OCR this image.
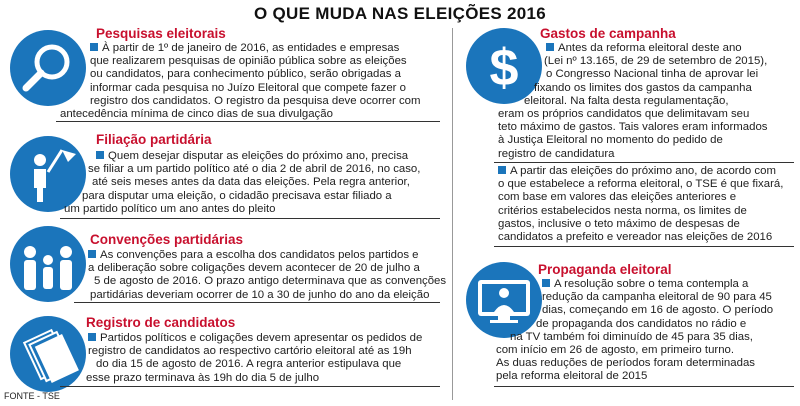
O QUE MUDA NAS ELEIÇÕES 2016
Pesquisas eleitorais
À partir de 1º de janeiro de 2016, as entidades e empresas
que realizarem pesquisas de opinião pública sobre as eleições
ou candidatos, para conhecimento público, serão obrigadas a
informar cada pesquisa no Juízo Eleitoral que compete fazer o
registro dos candidatos. O registro da pesquisa deve ocorrer com
antecedência mínima de cinco dias de sua divulgação
Filiação partidária
Quem desejar disputar as eleições do próximo ano, precisa
se filiar a um partido político até o dia 2 de abril de 2016, no caso,
até seis meses antes da data das eleições. Pela regra anterior,
para disputar uma eleição, o cidadão precisava estar filiado a
um partido político um ano antes do pleito
Convenções partidárias
As convenções para a escolha dos candidatos pelos partidos e
a deliberação sobre coligações devem acontecer de 20 de julho a
5 de agosto de 2016. O prazo antigo determinava que as convenções
partidárias deveriam ocorrer de 10 a 30 de junho do ano da eleição
Registro de candidatos
Partidos políticos e coligações devem apresentar os pedidos de
registro de candidatos ao respectivo cartório eleitoral até as 19h
do dia 15 de agosto de 2016. A regra anterior estipulava que
esse prazo terminava às 19h do dia 5 de julho
FONTE - TSE
$
Gastos de campanha
Antes da reforma eleitoral deste ano
(Lei nº 13.165, de 29 de setembro de 2015),
o Congresso Nacional tinha de aprovar lei
fixando os limites dos gastos da campanha
eleitoral. Na falta desta regulamentação,
eram os próprios candidatos que delimitavam seu
teto máximo de gastos. Tais valores eram informados
à Justiça Eleitoral no momento do pedido de
registro de candidatura
A partir das eleições do próximo ano, de acordo com
o que estabelece a reforma eleitoral, o TSE é que fixará,
com base em valores das eleições anteriores e
critérios estabelecidos nesta norma, os limites de
gastos, inclusive o teto máximo de despesas de
candidatos a prefeito e vereador nas eleições de 2016
Propaganda eleitoral
A resolução sobre o tema contempla a
redução da campanha eleitoral de 90 para 45
dias, começando em 16 de agosto. O período
de propaganda dos candidatos no rádio e
na TV também foi diminuído de 45 para 35 dias,
com início em 26 de agosto, em primeiro turno.
As duas reduções de períodos foram determinadas
pela reforma eleitoral de 2015
